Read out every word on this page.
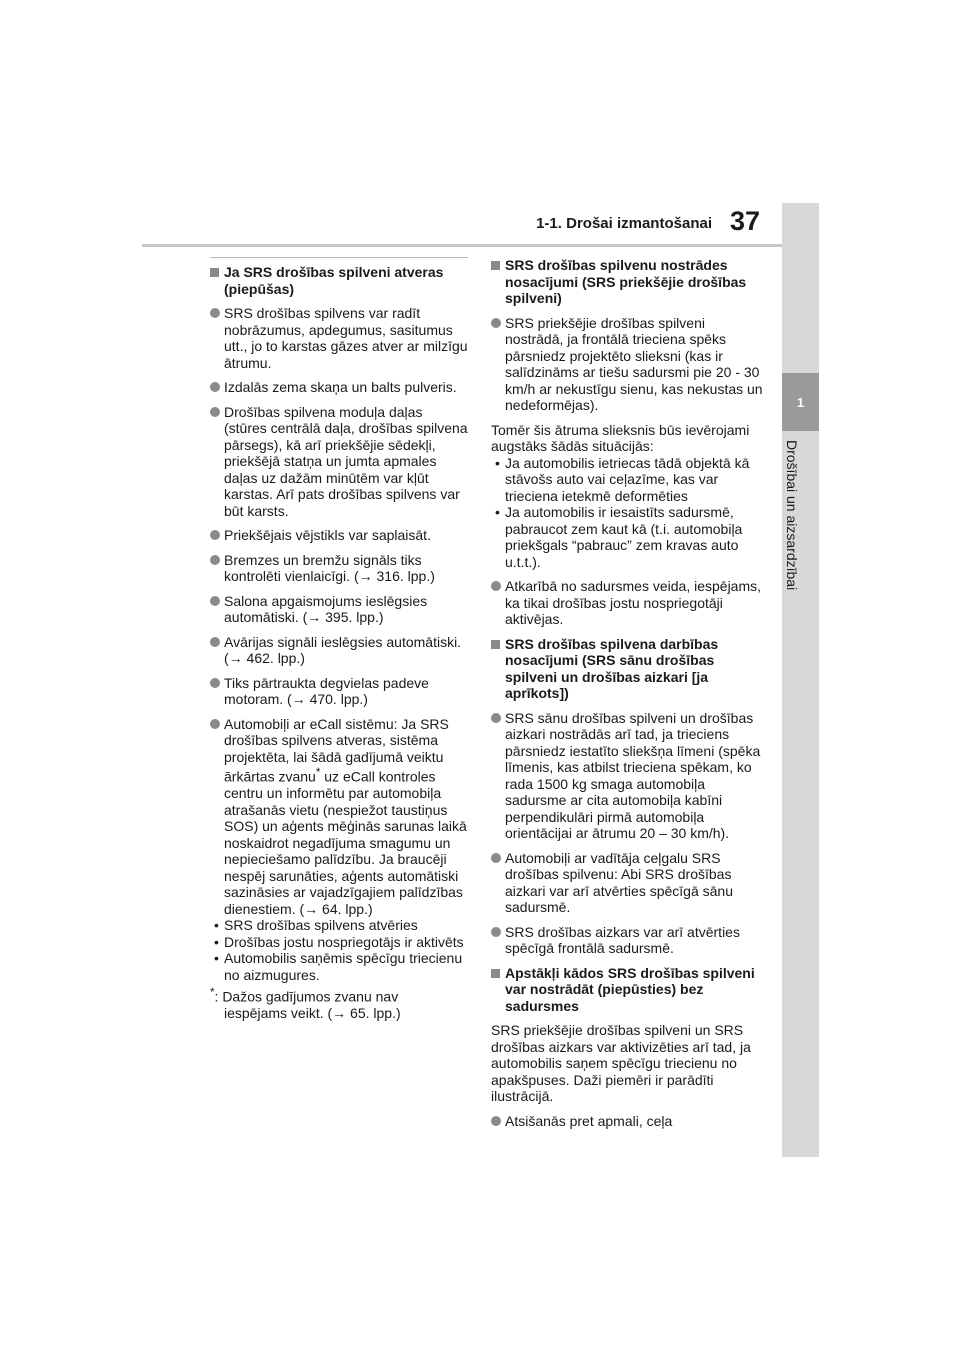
1-1. Drošai izmantošanai 37
1
Drošībai un aizsardzībai
Ja SRS drošības spilveni atveras (piepūšas)
SRS drošības spilvens var radīt nobrāzumus, apdegumus, sasitumus utt., jo to karstas gāzes atver ar milzīgu ātrumu.
Izdalās zema skaņa un balts pulveris.
Drošības spilvena moduļa daļas (stūres centrālā daļa, drošības spilvena pārsegs), kā arī priekšējie sēdekļi, priekšējā statņa un jumta apmales daļas uz dažām minūtēm var kļūt karstas. Arī pats drošības spilvens var būt karsts.
Priekšējais vējstikls var saplaisāt.
Bremzes un bremžu signāls tiks kontrolēti vienlaicīgi. (→ 316. lpp.)
Salona apgaismojums ieslēgsies automātiski. (→ 395. lpp.)
Avārijas signāli ieslēgsies automātiski. (→ 462. lpp.)
Tiks pārtraukta degvielas padeve motoram. (→ 470. lpp.)
Automobiļi ar eCall sistēmu: Ja SRS drošības spilvens atveras, sistēma projektēta, lai šādā gadījumā veiktu ārkārtas zvanu* uz eCall kontroles centru un informētu par automobiļa atrašanās vietu (nespiežot taustiņus SOS) un aģents mēģinās sarunas laikā noskaidrot negadījuma smagumu un nepieciešamo palīdzību. Ja braucēji nespēj sarunāties, aģents automātiski sazināsies ar vajadzīgajiem palīdzības dienestiem. (→ 64. lpp.)
• SRS drošības spilvens atvēries
• Drošības jostu nospriegotājs ir aktivēts
• Automobilis saņēmis spēcīgu triecienu no aizmugures.
*: Dažos gadījumos zvanu nav
iespējams veikt. (→ 65. lpp.)
SRS drošības spilvenu nostrādes nosacījumi (SRS priekšējie drošības spilveni)
SRS priekšējie drošības spilveni nostrādā, ja frontālā trieciena spēks pārsniedz projektēto slieksni (kas ir salīdzināms ar tiešu sadursmi pie 20 - 30 km/h ar nekustīgu sienu, kas nekustas un nedeformējas).
Tomēr šis ātruma slieksnis būs ievērojami augstāks šādās situācijās:
• Ja automobilis ietriecas tādā objektā kā stāvošs auto vai ceļazīme, kas var trieciena ietekmē deformēties
• Ja automobilis ir iesaistīts sadursmē, pabraucot zem kaut kā (t.i. automobiļa priekšgals “pabrauc” zem kravas auto u.t.t.).
Atkarībā no sadursmes veida, iespējams, ka tikai drošības jostu nospriegotāji aktivējas.
SRS drošības spilvena darbības nosacījumi (SRS sānu drošības spilveni un drošības aizkari [ja aprīkots])
SRS sānu drošības spilveni un drošības aizkari nostrādās arī tad, ja trieciens pārsniedz iestatīto sliekšņa līmeni (spēka līmenis, kas atbilst trieciena spēkam, ko rada 1500 kg smaga automobiļa sadursme ar cita automobiļa kabīni perpendikulāri pirmā automobiļa orientācijai ar ātrumu 20 – 30 km/h).
Automobiļi ar vadītāja ceļgalu SRS drošības spilvenu: Abi SRS drošības aizkari var arī atvērties spēcīgā sānu sadursmē.
SRS drošības aizkars var arī atvērties spēcīgā frontālā sadursmē.
Apstākļi kādos SRS drošības spilveni var nostrādāt (piepūsties) bez sadursmes
SRS priekšējie drošības spilveni un SRS drošības aizkars var aktivizēties arī tad, ja automobilis saņem spēcīgu triecienu no apakšpuses. Daži piemēri ir parādīti ilustrācijā.
Atsišanās pret apmali, ceļa
